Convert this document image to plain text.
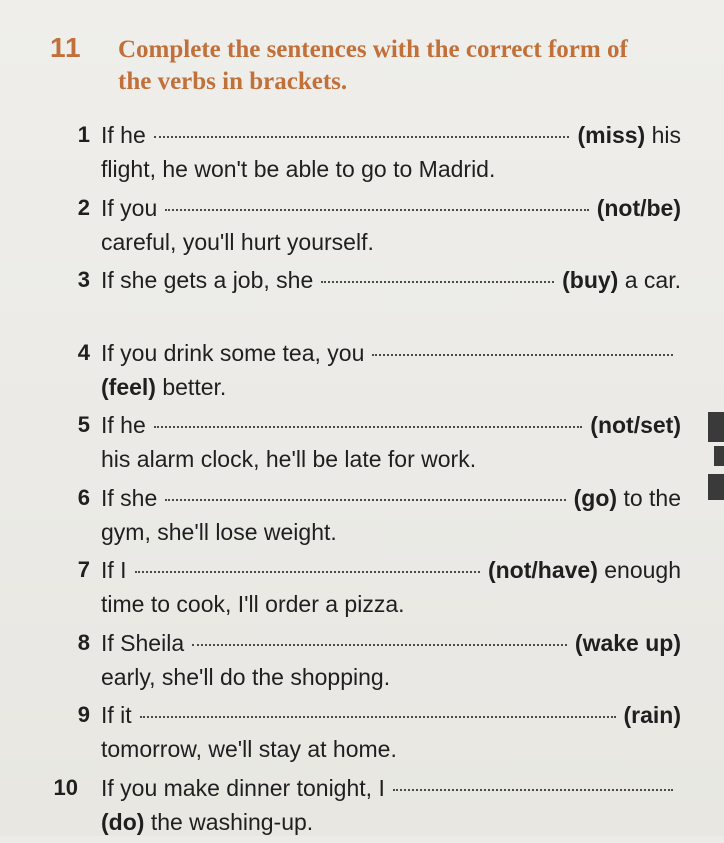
11 Complete the sentences with the correct form of the verbs in brackets.
1 If he	(miss)
his
flight, he won't be able to go to Madrid.
2 If you	(not/be)
careful, you'll hurt yourself.
3 If she gets a job, she	(buy)
a car.
4 If you drink some tea, you
(feel) better.
5 If he	(not/set)
his alarm clock, he'll be late for work.
6 If she	(go)
to the
gym, she'll lose weight.
7 If I	(not/have)
enough
time to cook, I'll order a pizza.
8 If Sheila	(wake up)
early, she'll do the shopping.
9 If it	(rain)
tomorrow, we'll stay at home.
10 If you make dinner tonight, I
(do) the washing-up.
